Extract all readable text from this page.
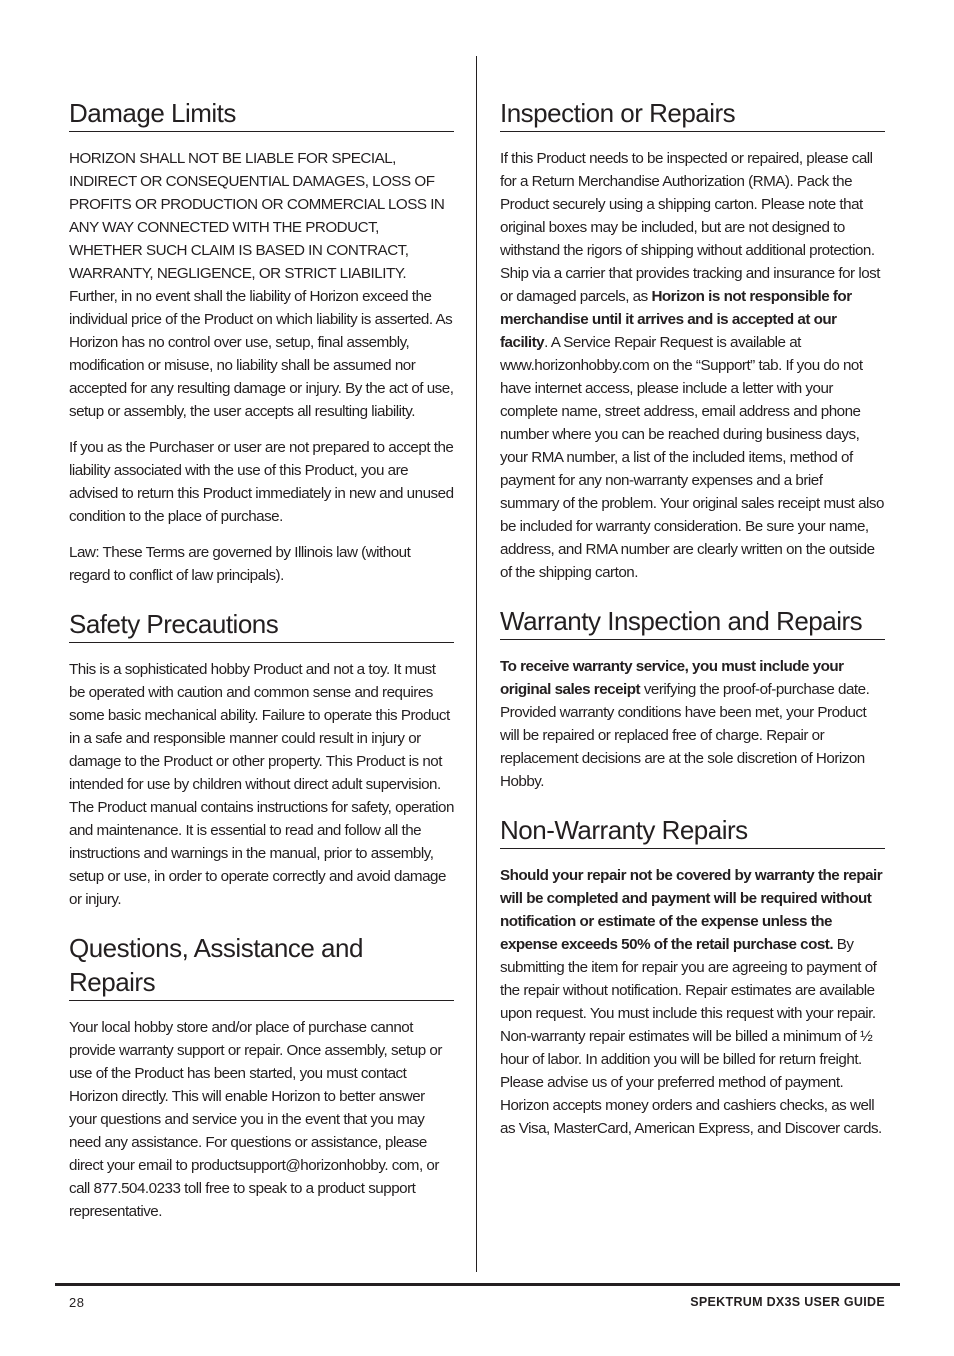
Damage Limits

HORIZON SHALL NOT BE LIABLE FOR SPECIAL, INDIRECT OR CONSEQUENTIAL DAMAGES, LOSS OF PROFITS OR PRODUCTION OR COMMERCIAL LOSS IN ANY WAY CONNECTED WITH THE PRODUCT, WHETHER SUCH CLAIM IS BASED IN CONTRACT, WARRANTY, NEGLIGENCE, OR STRICT LIABILITY. Further, in no event shall the liability of Horizon exceed the individual price of the Product on which liability is asserted. As Horizon has no control over use, setup, final assembly, modification or misuse, no liability shall be assumed nor accepted for any resulting damage or injury. By the act of use, setup or assembly, the user accepts all resulting liability.

If you as the Purchaser or user are not prepared to accept the liability associated with the use of this Product, you are advised to return this Product immediately in new and unused condition to the place of purchase.

Law: These Terms are governed by Illinois law (without regard to conflict of law principals).

Safety Precautions

This is a sophisticated hobby Product and not a toy. It must be operated with caution and common sense and requires some basic mechanical ability. Failure to operate this Product in a safe and responsible manner could result in injury or damage to the Product or other property. This Product is not intended for use by children without direct adult supervision. The Product manual contains instructions for safety, operation and maintenance. It is essential to read and follow all the instructions and warnings in the manual, prior to assembly, setup or use, in order to operate correctly and avoid damage or injury.

Questions, Assistance and Repairs

Your local hobby store and/or place of purchase cannot provide warranty support or repair. Once assembly, setup or use of the Product has been started, you must contact Horizon directly. This will enable Horizon to better answer your questions and service you in the event that you may need any assistance. For questions or assistance, please direct your email to productsupport@horizonhobby. com, or call 877.504.0233 toll free to speak to a product support representative.

Inspection or Repairs

If this Product needs to be inspected or repaired, please call for a Return Merchandise Authorization (RMA). Pack the Product securely using a shipping carton. Please note that original boxes may be included, but are not designed to withstand the rigors of shipping without additional protection. Ship via a carrier that provides tracking and insurance for lost or damaged parcels, as Horizon is not responsible for merchandise until it arrives and is accepted at our facility. A Service Repair Request is available at www.horizonhobby.com on the “Support” tab. If you do not have internet access, please include a letter with your complete name, street address, email address and phone number where you can be reached during business days, your RMA number, a list of the included items, method of payment for any non-warranty expenses and a brief summary of the problem. Your original sales receipt must also be included for warranty consideration. Be sure your name, address, and RMA number are clearly written on the outside of the shipping carton.

Warranty Inspection and Repairs

To receive warranty service, you must include your original sales receipt verifying the proof-of-purchase date. Provided warranty conditions have been met, your Product will be repaired or replaced free of charge. Repair or replacement decisions are at the sole discretion of Horizon Hobby.

Non-Warranty Repairs

Should your repair not be covered by warranty the repair will be completed and payment will be required without notification or estimate of the expense unless the expense exceeds 50% of the retail purchase cost. By submitting the item for repair you are agreeing to payment of the repair without notification. Repair estimates are available upon request. You must include this request with your repair. Non-warranty repair estimates will be billed a minimum of ½ hour of labor. In addition you will be billed for return freight. Please advise us of your preferred method of payment. Horizon accepts money orders and cashiers checks, as well as Visa, MasterCard, American Express, and Discover cards.

28	SPEKTRUM DX3S USER GUIDE
